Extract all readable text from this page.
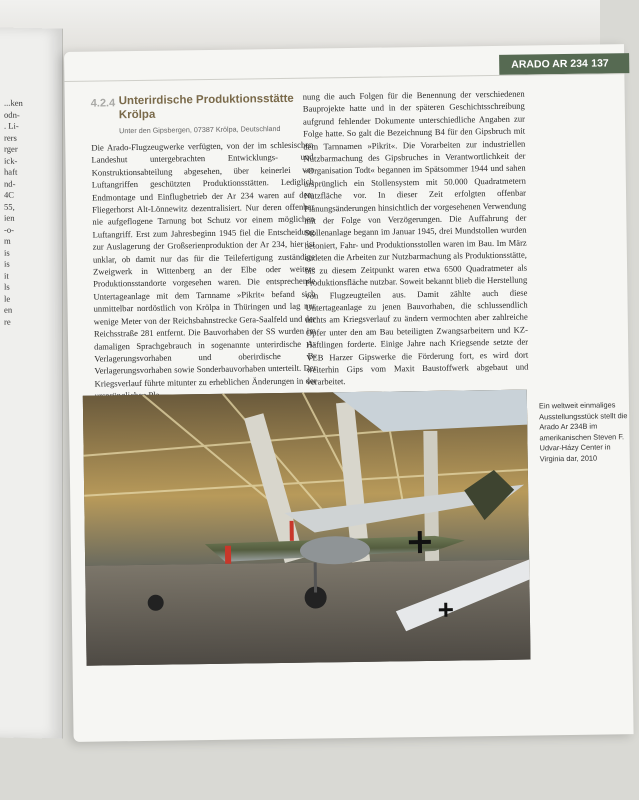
...ken
odn-
. Li-
rers
rger
ick-
haft
nd-
4C
55,
ien
-o-
m
is
is
it
ls
le
en
re
ARADO AR 234 137
4.2.4 Unterirdische Produktionsstätte Krölpa
Unter den Gipsbergen, 07387 Krölpa, Deutschland
Die Arado-Flugzeugwerke verfügten, von der im schlesischen Landeshut untergebrachten Entwicklungs- und Konstruktionsabteilung abgesehen, über keinerlei vor Luftangriffen geschützten Produktionsstätten. Lediglich Endmontage und Einflugbetrieb der Ar 234 waren auf dem Fliegerhorst Alt-Lönnewitz dezentralisiert. Nur deren offenbar nie aufgeflogene Tarnung bot Schutz vor einem möglichen Luftangriff. Erst zum Jahresbeginn 1945 fiel die Entscheidung zur Auslagerung der Großserienproduktion der Ar 234, hier ist unklar, ob damit nur das für die Teilefertigung zuständige Zweigwerk in Wittenberg an der Elbe oder weitere Produktionsstandorte vorgesehen waren. Die entsprechende Untertageanlage mit dem Tarnname »Pikrit« befand sich unmittelbar nordöstlich von Krölpa in Thüringen und lag nur wenige Meter von der Reichsbahnstrecke Gera-Saalfeld und der Reichsstraße 281 entfernt. Die Bauvorhaben der SS wurden im damaligen Sprachgebrauch in sogenannte unterirdische A-Verlagerungsvorhaben und oberirdische B-Verlagerungsvorhaben sowie Sonderbauvorhaben unterteilt. Der Kriegsverlauf führte mitunter zu erheblichen Änderungen in der
nung die auch Folgen für die Benennung der verschiedenen Bauprojekte hatte und in der späteren Geschichtsschreibung aufgrund fehlender Dokumente unterschiedliche Angaben zur Folge hatte. So galt die Bezeichnung B4 für den Gipsbruch mit dem Tarnnamen »Pikrit«. Die Vorarbeiten zur industriellen Nutzbarmachung des Gipsbruches in Verantwortlichkeit der »Organisation Todt« begannen im Spätsommer 1944 und sahen ursprünglich ein Stollensystem mit 50.000 Quadratmetern Nutzfläche vor. In dieser Zeit erfolgten offenbar Planungsänderungen hinsichtlich der vorgesehenen Verwendung mit der Folge von Verzögerungen. Die Auffahrung der Stollenanlage begann im Januar 1945, drei Mundstollen wurden betoniert, Fahr- und Produktionsstollen waren im Bau. Im März endeten die Arbeiten zur Nutzbarmachung als Produktionsstätte, bis zu diesem Zeitpunkt waren etwa 6500 Quadratmeter als Produktionsfläche nutzbar. Soweit bekannt blieb die Herstellung von Flugzeugteilen aus. Damit zählte auch diese Untertageanlage zu jenen Bauvorhaben, die schlussendlich nichts am Kriegsverlauf zu ändern vermochten aber zahlreiche Opfer unter den am Bau beteiligten Zwangsarbeitern und KZ-Häftlingen forderte. Einige Jahre nach Kriegsende setzte der VEB Harzer Gipswerke die Förderung fort, es wird dort weiterhin Gips vom Maxit Baustoffwerk abgebaut und verarbeitet.
Ein weltweit einmaliges Ausstellungsstück stellt die Arado Ar 234B im amerikanischen Steven F. Udvar-Házy Center in Virginia dar, 2010
